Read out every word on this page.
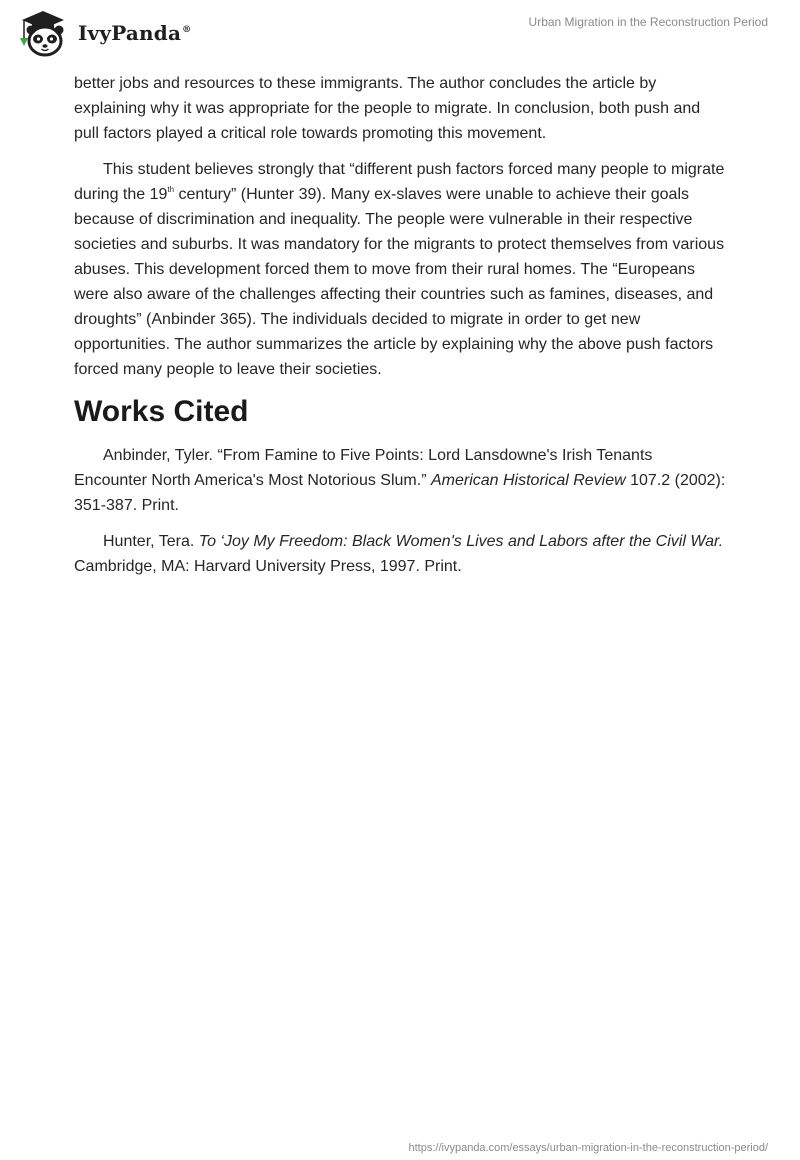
IvyPanda®
Urban Migration in the Reconstruction Period

better jobs and resources to these immigrants. The author concludes the article by explaining why it was appropriate for the people to migrate. In conclusion, both push and pull factors played a critical role towards promoting this movement.

This student believes strongly that “different push factors forced many people to migrate during the 19th century” (Hunter 39). Many ex-slaves were unable to achieve their goals because of discrimination and inequality. The people were vulnerable in their respective societies and suburbs. It was mandatory for the migrants to protect themselves from various abuses. This development forced them to move from their rural homes. The “Europeans were also aware of the challenges affecting their countries such as famines, diseases, and droughts” (Anbinder 365). The individuals decided to migrate in order to get new opportunities. The author summarizes the article by explaining why the above push factors forced many people to leave their societies.

Works Cited

Anbinder, Tyler. “From Famine to Five Points: Lord Lansdowne's Irish Tenants Encounter North America's Most Notorious Slum.” American Historical Review 107.2 (2002): 351-387. Print.

Hunter, Tera. To ‘Joy My Freedom: Black Women's Lives and Labors after the Civil War. Cambridge, MA: Harvard University Press, 1997. Print.

https://ivypanda.com/essays/urban-migration-in-the-reconstruction-period/
